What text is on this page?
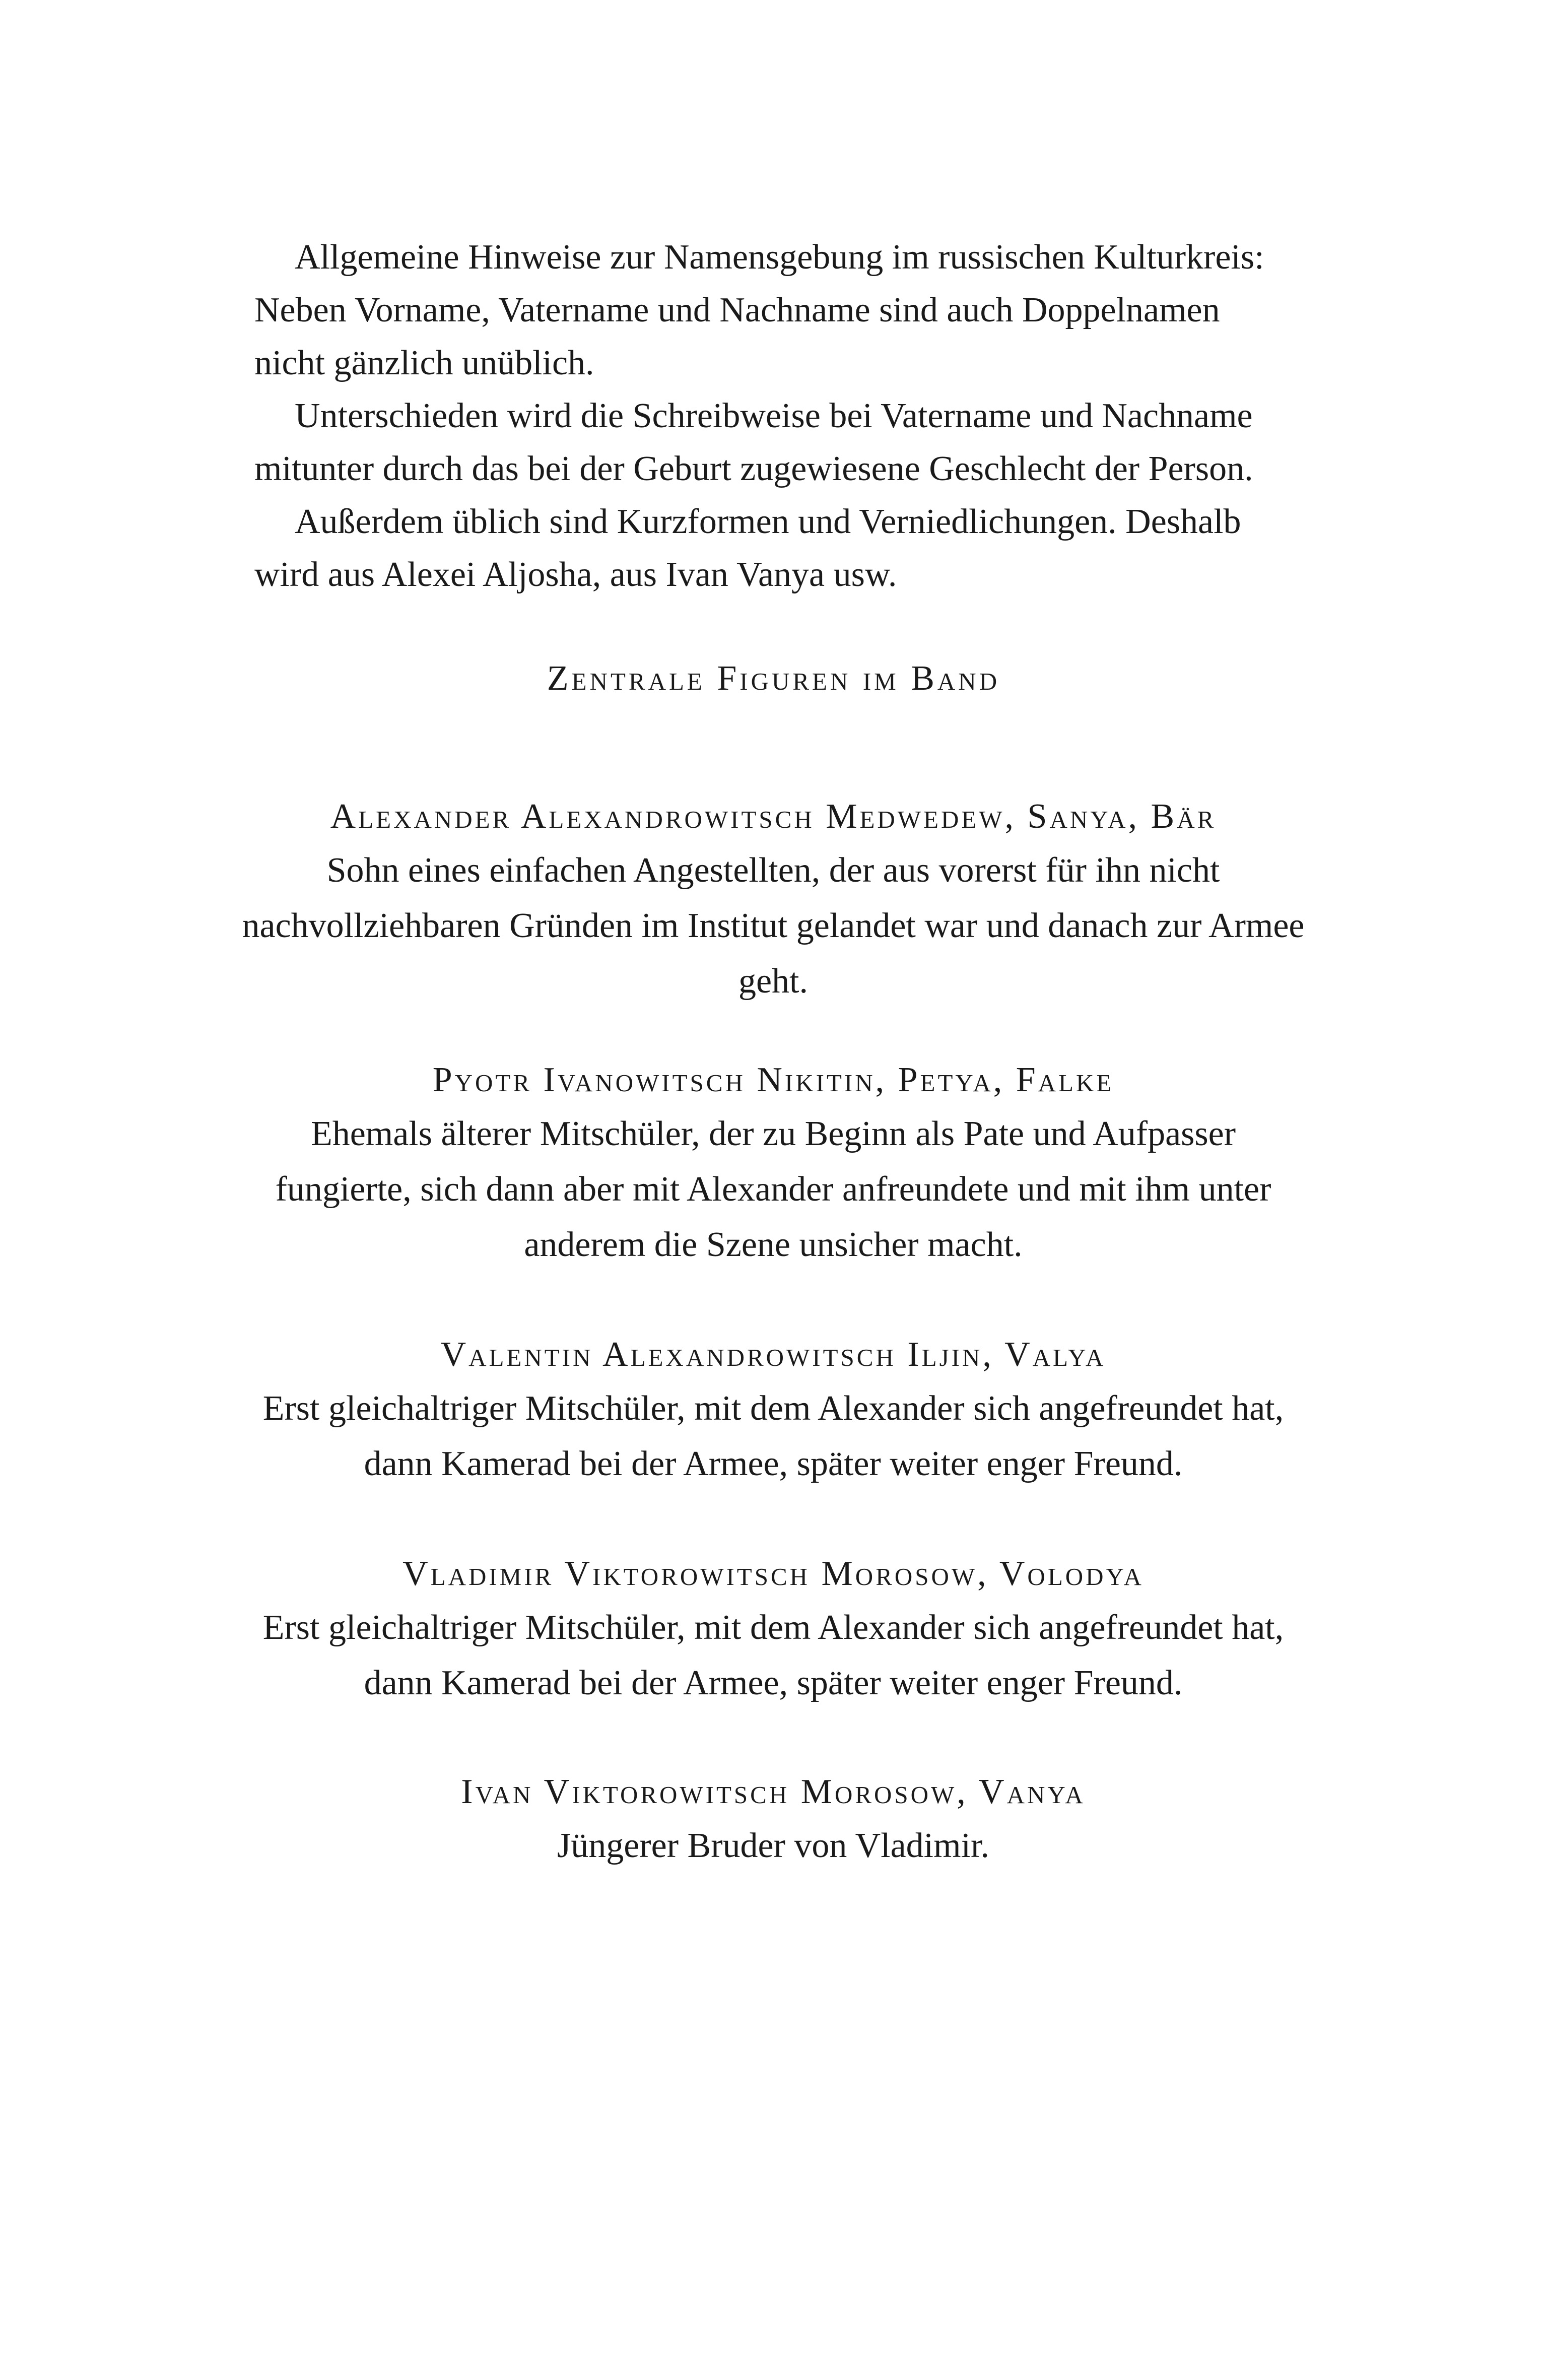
Allgemeine Hinweise zur Namensgebung im russischen Kulturkreis: Neben Vorname, Vatername und Nachname sind auch Doppelnamen nicht gänzlich unüblich.

Unterschieden wird die Schreibweise bei Vatername und Nachname mitunter durch das bei der Geburt zugewiesene Geschlecht der Person.

Außerdem üblich sind Kurzformen und Verniedlichungen. Deshalb wird aus Alexei Aljosha, aus Ivan Vanya usw.

Zentrale Figuren im Band

Alexander Alexandrowitsch Medwedew, Sanya, Bär

Sohn eines einfachen Angestellten, der aus vorerst für ihn nicht nachvollziehbaren Gründen im Institut gelandet war und danach zur Armee geht.

Pyotr Ivanowitsch Nikitin, Petya, Falke

Ehemals älterer Mitschüler, der zu Beginn als Pate und Aufpasser fungierte, sich dann aber mit Alexander anfreundete und mit ihm unter anderem die Szene unsicher macht.

Valentin Alexandrowitsch Iljin, Valya

Erst gleichaltriger Mitschüler, mit dem Alexander sich angefreundet hat, dann Kamerad bei der Armee, später weiter enger Freund.

Vladimir Viktorowitsch Morosow, Volodya

Erst gleichaltriger Mitschüler, mit dem Alexander sich angefreundet hat, dann Kamerad bei der Armee, später weiter enger Freund.

Ivan Viktorowitsch Morosow, Vanya

Jüngerer Bruder von Vladimir.
